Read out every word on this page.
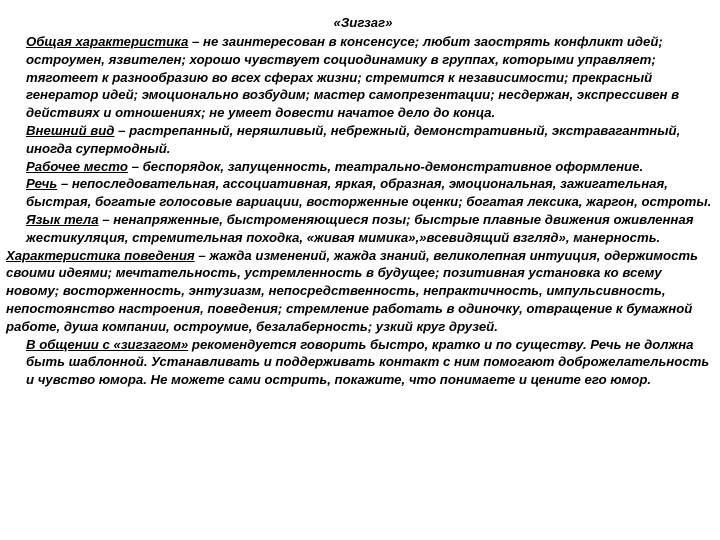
«Зигзаг»

Общая характеристика – не заинтересован в консенсусе; любит заострять конфликт идей; остроумен, язвителен; хорошо чувствует социодинамику в группах, которыми управляет; тяготеет к разнообразию во всех сферах жизни; стремится к независимости; прекрасный генератор идей; эмоционально возбудим; мастер самопрезентации; несдержан, экспрессивен в действиях и отношениях; не умеет довести начатое дело до конца.

Внешний вид – растрепанный, неряшливый, небрежный, демонстративный, экстравагантный, иногда супермодный.

Рабочее место – беспорядок, запущенность, театрально-демонстративное оформление.

Речь – непоследовательная, ассоциативная, яркая, образная, эмоциональная, зажигательная, быстрая, богатые голосовые вариации, восторженные оценки; богатая лексика, жаргон, остроты.

Язык тела – ненапряженные, быстроменяющиеся позы; быстрые плавные движения оживленная жестикуляция, стремительная походка, «живая мимика»,»всевидящий взгляд», манерность.

Характеристика поведения – жажда изменений, жажда знаний, великолепная интуиция, одержимость своими идеями; мечтательность, устремленность в будущее; позитивная установка ко всему новому; восторженность, энтузиазм, непосредственность, непрактичность, импульсивность, непостоянство настроения, поведения; стремление работать в одиночку, отвращение к бумажной работе, душа компании, остроумие, безалаберность; узкий круг друзей.

В общении с «зигзагом» рекомендуется говорить быстро, кратко и по существу. Речь не должна быть шаблонной. Устанавливать и поддерживать контакт с ним помогают доброжелательность и чувство юмора. Не можете сами острить, покажите, что понимаете и цените его юмор.
